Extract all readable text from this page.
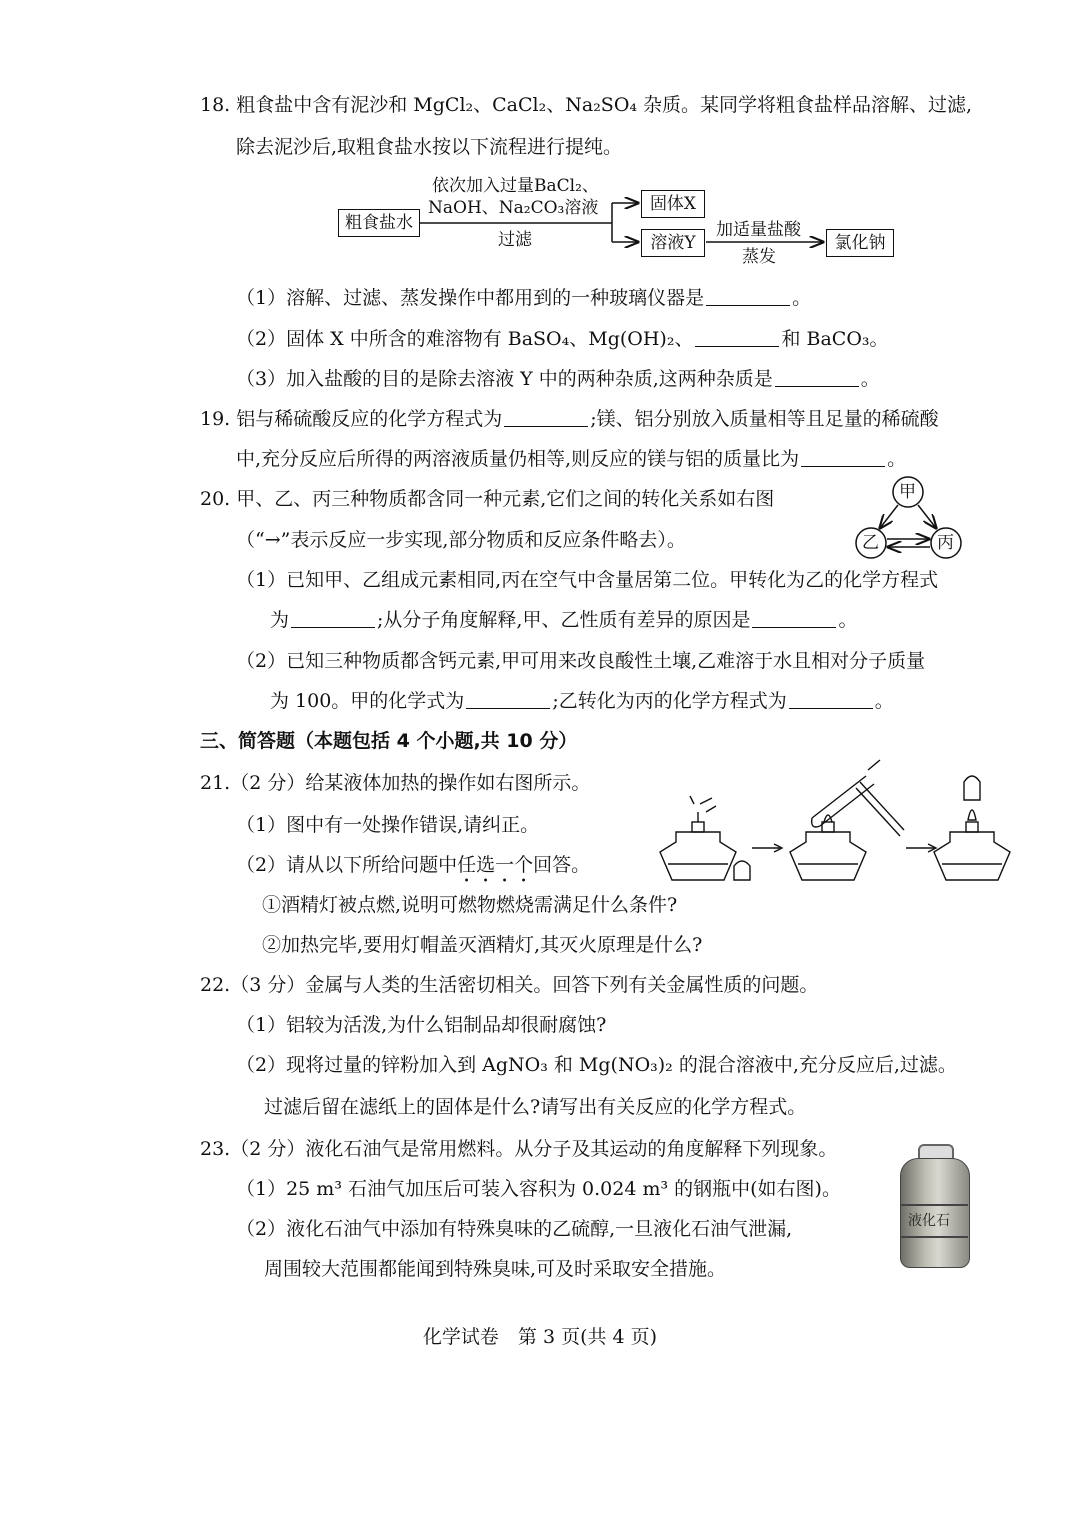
18. 粗食盐中含有泥沙和 MgCl₂、CaCl₂、Na₂SO₄ 杂质。某同学将粗食盐样品溶解、过滤,
除去泥沙后,取粗食盐水按以下流程进行提纯。
依次加入过量BaCl₂、
NaOH、Na₂CO₃溶液
粗食盐水
固体X
溶液Y	氯化钠
过滤	加适量盐酸
蒸发
（1）溶解、过滤、蒸发操作中都用到的一种玻璃仪器是	。
（2）固体 X 中所含的难溶物有 BaSO₄、Mg(OH)₂、	和 BaCO₃。
（3）加入盐酸的目的是除去溶液 Y 中的两种杂质,这两种杂质是	。
19. 铝与稀硫酸反应的化学方程式为	;镁、铝分别放入质量相等且足量的稀硫酸
中,充分反应后所得的两溶液质量仍相等,则反应的镁与铝的质量比为	。
20. 甲、乙、丙三种物质都含同一种元素,它们之间的转化关系如右图
（“→”表示反应一步实现,部分物质和反应条件略去）。
甲
乙	丙
（1）已知甲、乙组成元素相同,丙在空气中含量居第二位。甲转化为乙的化学方程式
为	;从分子角度解释,甲、乙性质有差异的原因是	。
（2）已知三种物质都含钙元素,甲可用来改良酸性土壤,乙难溶于水且相对分子质量
为 100。甲的化学式为	;乙转化为丙的化学方程式为	。
三、简答题（本题包括 4 个小题,共 10 分）
21.（2 分）给某液体加热的操作如右图所示。
（1）图中有一处操作错误,请纠正。
（2）请从以下所给问题中任选一个回答。
①酒精灯被点燃,说明可燃物燃烧需满足什么条件?
②加热完毕,要用灯帽盖灭酒精灯,其灭火原理是什么?
22.（3 分）金属与人类的生活密切相关。回答下列有关金属性质的问题。
（1）铝较为活泼,为什么铝制品却很耐腐蚀?
（2）现将过量的锌粉加入到 AgNO₃ 和 Mg(NO₃)₂ 的混合溶液中,充分反应后,过滤。
过滤后留在滤纸上的固体是什么?请写出有关反应的化学方程式。
23.（2 分）液化石油气是常用燃料。从分子及其运动的角度解释下列现象。
（1）25 m³ 石油气加压后可装入容积为 0.024 m³ 的钢瓶中(如右图)。
（2）液化石油气中添加有特殊臭味的乙硫醇,一旦液化石油气泄漏,
周围较大范围都能闻到特殊臭味,可及时采取安全措施。
液化石
化学试卷　第 3 页(共 4 页)
